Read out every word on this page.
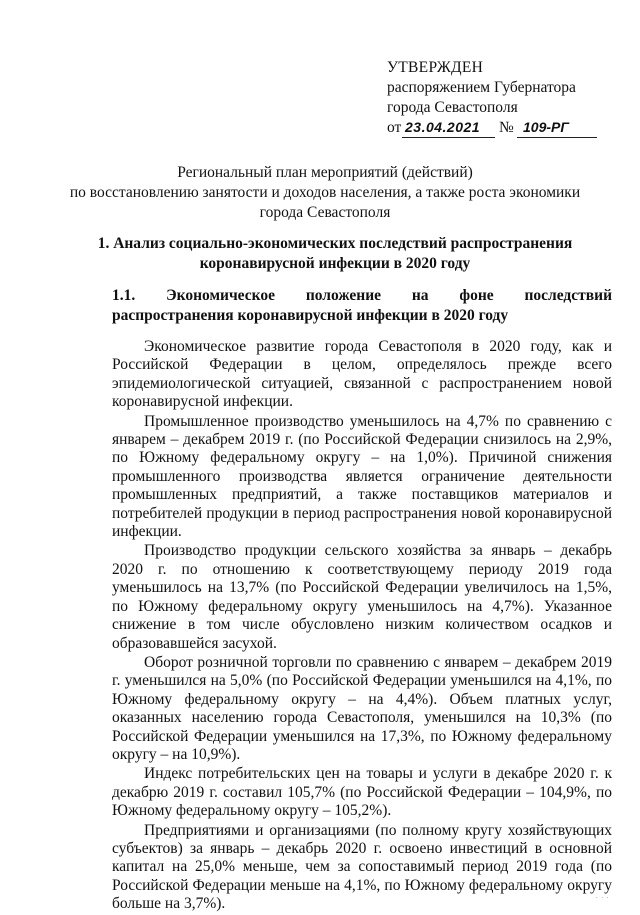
УТВЕРЖДЕН
распоряжением Губернатора
города Севастополя
от 23.04.2021 № 109-РГ
Региональный план мероприятий (действий)
по восстановлению занятости и доходов населения, а также роста экономики
города Севастополя
1. Анализ социально-экономических последствий распространения
коронавирусной инфекции в 2020 году
1.1. Экономическое положение на фоне последствий
распространения коронавирусной инфекции в 2020 году

Экономическое развитие города Севастополя в 2020 году, как и Российской Федерации в целом, определялось прежде всего эпидемиологической ситуацией, связанной с распространением новой коронавирусной инфекции.

Промышленное производство уменьшилось на 4,7% по сравнению с январем – декабрем 2019 г. (по Российской Федерации снизилось на 2,9%, по Южному федеральному округу – на 1,0%). Причиной снижения промышленного производства является ограничение деятельности промышленных предприятий, а также поставщиков материалов и потребителей продукции в период распространения новой коронавирусной инфекции.

Производство продукции сельского хозяйства за январь – декабрь 2020 г. по отношению к соответствующему периоду 2019 года уменьшилось на 13,7% (по Российской Федерации увеличилось на 1,5%, по Южному федеральному округу уменьшилось на 4,7%). Указанное снижение в том числе обусловлено низким количеством осадков и образовавшейся засухой.

Оборот розничной торговли по сравнению с январем – декабрем 2019 г. уменьшился на 5,0% (по Российской Федерации уменьшился на 4,1%, по Южному федеральному округу – на 4,4%). Объем платных услуг, оказанных населению города Севастополя, уменьшился на 10,3% (по Российской Федерации уменьшился на 17,3%, по Южному федеральному округу – на 10,9%).

Индекс потребительских цен на товары и услуги в декабре 2020 г. к декабрю 2019 г. составил 105,7% (по Российской Федерации – 104,9%, по Южному федеральному округу – 105,2%).

Предприятиями и организациями (по полному кругу хозяйствующих субъектов) за январь – декабрь 2020 г. освоено инвестиций в основной капитал на 25,0% меньше, чем за сопоставимый период 2019 года (по Российской Федерации меньше на 4,1%, по Южному федеральному округу больше на 3,7%).	. . .
